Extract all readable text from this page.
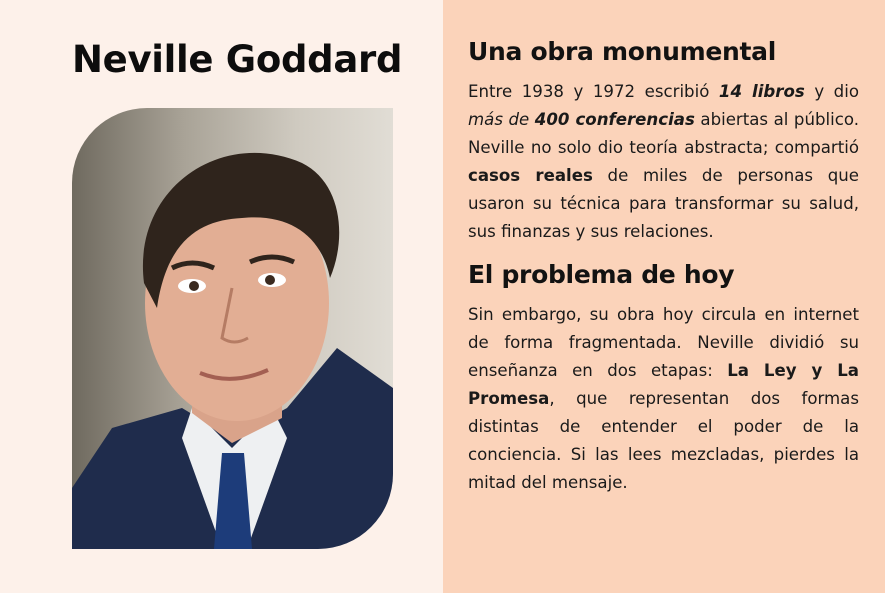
Neville Goddard	Una obra monumental

Entre 1938 y 1972 escribió 14 libros y dio más de 400 conferencias abiertas al público. Neville no solo dio teoría abstracta; compartió casos reales de miles de personas que usaron su técnica para transformar su salud, sus finanzas y sus relaciones.

El problema de hoy

Sin embargo, su obra hoy circula en internet de forma fragmentada. Neville dividió su enseñanza en dos etapas: La Ley y La Promesa, que representan dos formas distintas de entender el poder de la conciencia. Si las lees mezcladas, pierdes la mitad del mensaje.
